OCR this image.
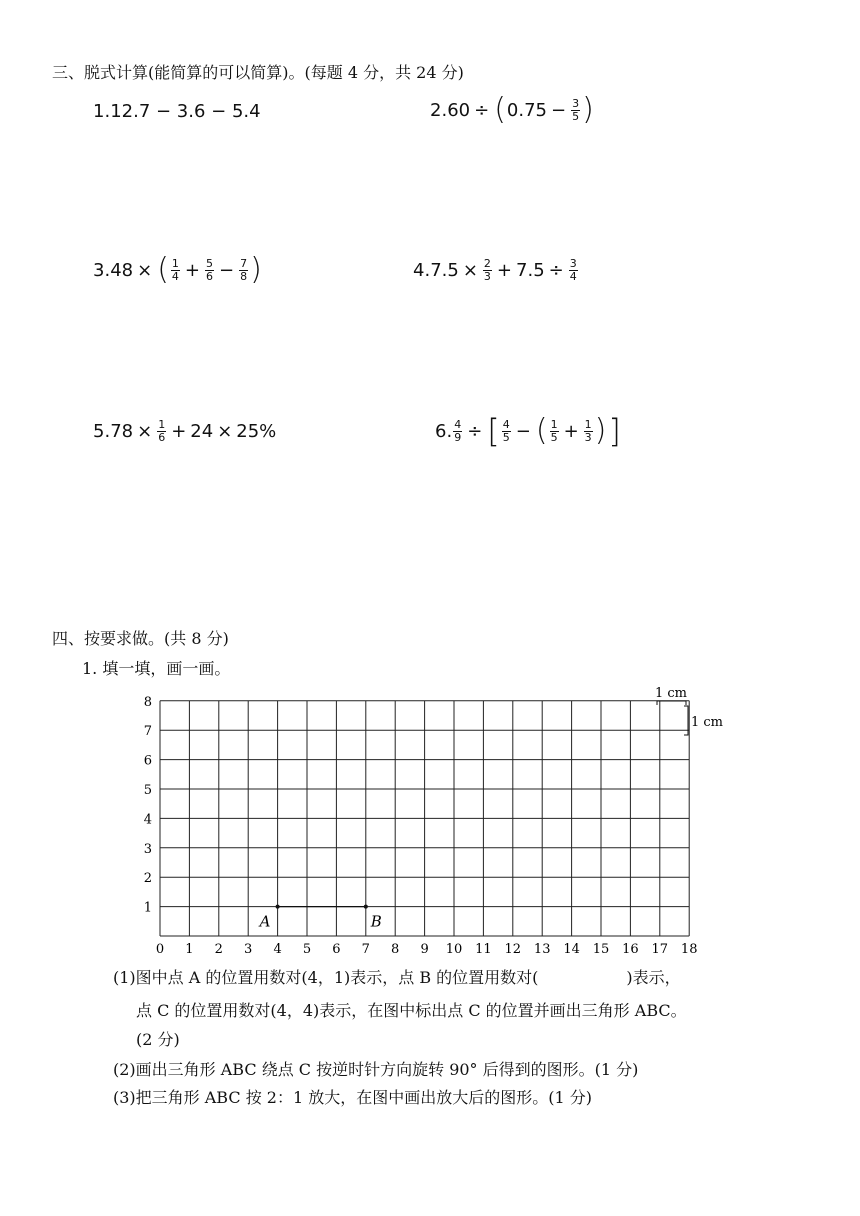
三、脱式计算(能简算的可以简算)。(每题 4 分，共 24 分)
1. 12.7 − 3.6 − 5.4	2. 60 ÷ ( $0.75 - \frac{3}{5}$ )
3. 48 × ( $\frac{1}{4} + \frac{5}{6} - \frac{7}{8}$ )	4. $7.5 \times \frac{2}{3} + 7.5 \div \frac{3}{4}$
5. $78 \times \frac{1}{6} + 24 \times 25\%$	6. $\frac{4}{9}$ ÷ [ $\frac{4}{5}$ − ( $\frac{1}{5} + \frac{1}{3}$ ) ]
四、按要求做。(共 8 分)
1. 填一填，画一画。
0 1 2 3 4 5 6 7 8 9 10 11 12 13 14 15 16 17 18
1
2
3
4
5
6
7
8
A	B
1 cm
1 cm
(1)图中点 A 的位置用数对(4，1)表示，点 B 的位置用数对(	)表示，
点 C 的位置用数对(4，4)表示，在图中标出点 C 的位置并画出三角形 ABC。
(2 分)
(2)画出三角形 ABC 绕点 C 按逆时针方向旋转 90° 后得到的图形。(1 分)
(3)把三角形 ABC 按 2：1 放大，在图中画出放大后的图形。(1 分)
